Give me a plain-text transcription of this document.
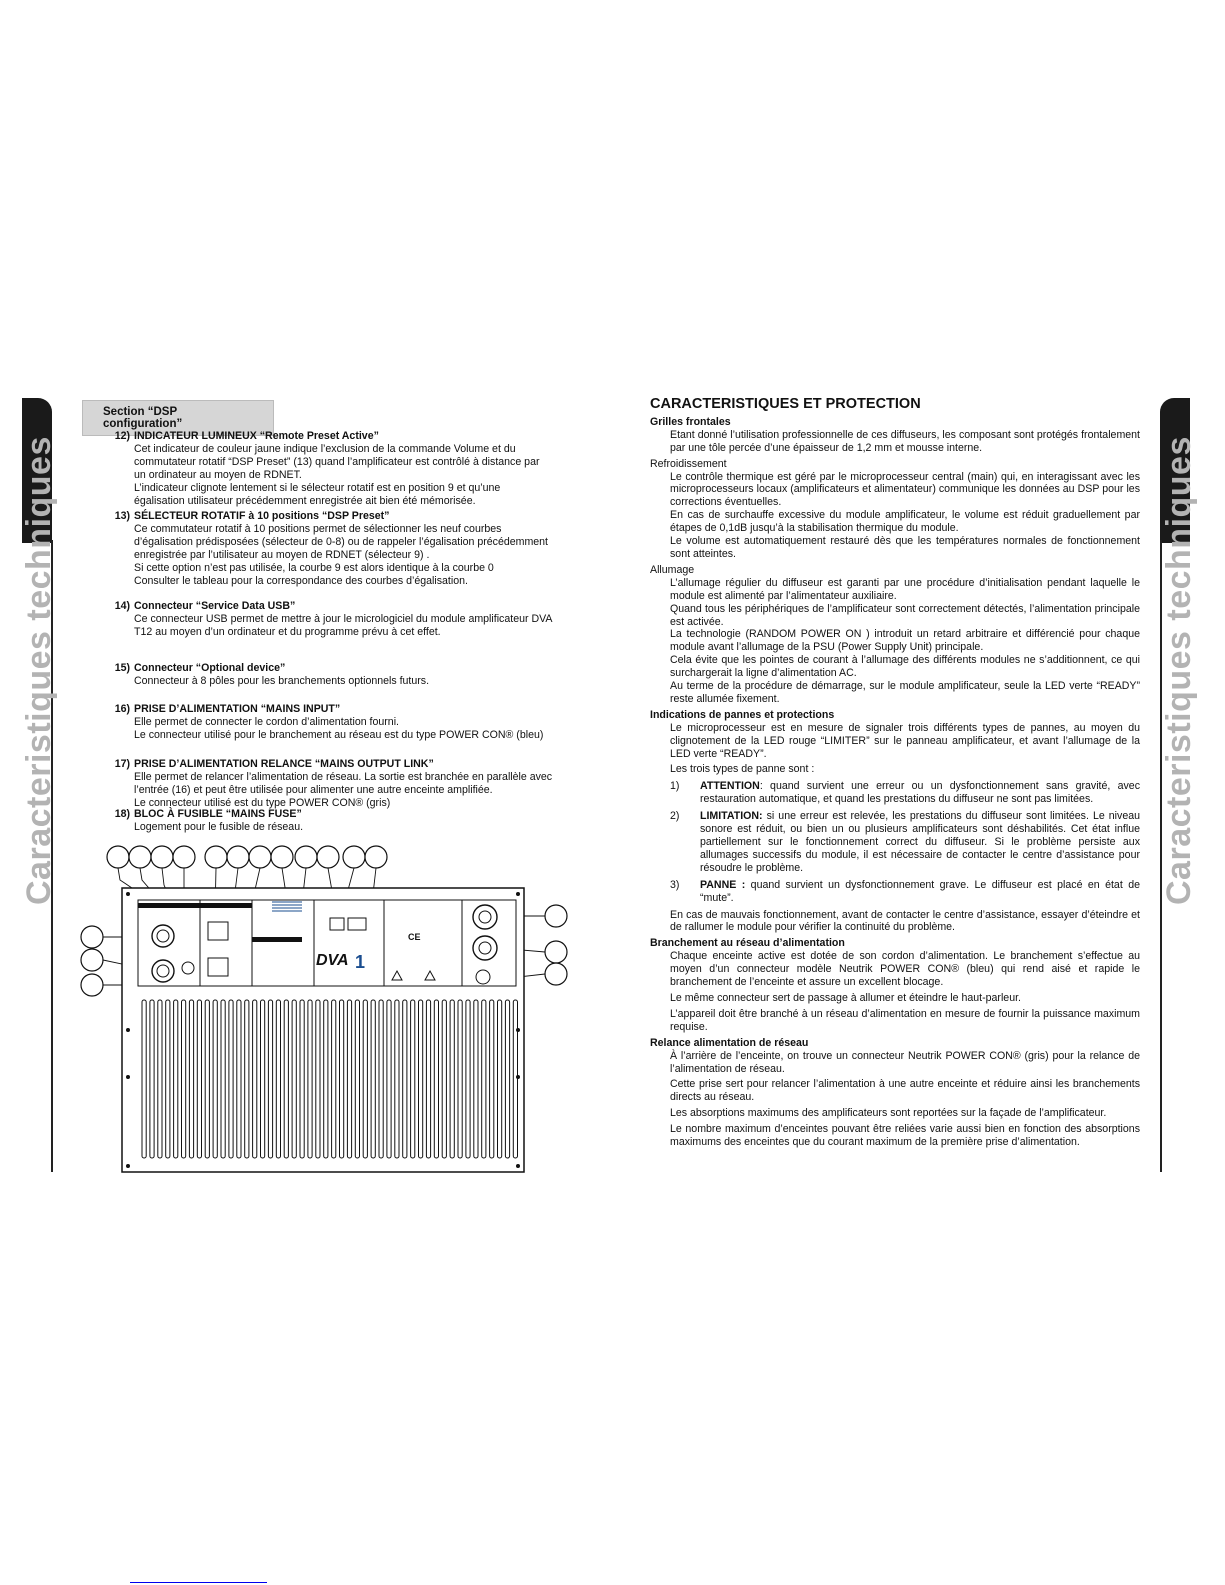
Caracteristiques techniques	Caracteristiques techniques
Section “DSP configuration”
12) INDICATEUR LUMINEUX “Remote Preset Active”
Cet indicateur de couleur jaune indique l’exclusion de la commande Volume et du commutateur rotatif “DSP Preset” (13) quand l’amplificateur est contrôlé à distance par un ordinateur au moyen de RDNET.
L’indicateur clignote lentement si le sélecteur rotatif est en position 9 et qu’une égalisation utilisateur précédemment enregistrée ait bien été mémorisée.
13) SÉLECTEUR ROTATIF à 10 positions “DSP Preset”
Ce commutateur rotatif à 10 positions permet de sélectionner les neuf courbes d’égalisation prédisposées (sélecteur de 0-8) ou de rappeler l’égalisation précédemment enregistrée par l’utilisateur au moyen de RDNET (sélecteur 9) .
Si cette option n’est pas utilisée, la courbe 9 est alors identique à la courbe 0
Consulter le tableau pour la correspondance des courbes d’égalisation.
14) Connecteur “Service Data USB”
Ce connecteur USB permet de mettre à jour le micrologiciel du module amplificateur DVA T12 au moyen d’un ordinateur et du programme prévu à cet effet.
15) Connecteur “Optional device”
Connecteur à 8 pôles pour les branchements optionnels futurs.
16) PRISE D’ALIMENTATION “MAINS INPUT”
Elle permet de connecter le cordon d’alimentation fourni.
Le connecteur utilisé pour le branchement au réseau est du type POWER CON® (bleu)
17) PRISE D’ALIMENTATION RELANCE “MAINS OUTPUT LINK”
Elle permet de relancer l’alimentation de réseau. La sortie est branchée en parallèle avec l’entrée (16) et peut être utilisée pour alimenter une autre enceinte amplifiée.
Le connecteur utilisé est du type POWER CON® (gris)
18) BLOC À FUSIBLE “MAINS FUSE”
Logement pour le fusible de réseau.
DVA 1
CE
CARACTERISTIQUES ET PROTECTION
Grilles frontales
Etant donné l’utilisation professionnelle de ces diffuseurs, les composant sont protégés frontalement par une tôle percée d’une épaisseur de 1,2 mm et mousse interne.
Refroidissement
Le contrôle thermique est géré par le microprocesseur central (main) qui, en interagissant avec les microprocesseurs locaux (amplificateurs et alimentateur) communique les données au DSP pour les corrections éventuelles.
En cas de surchauffe excessive du module amplificateur, le volume est réduit graduellement par étapes de 0,1dB jusqu’à la stabilisation thermique du module.
Le volume est automatiquement restauré dès que les températures normales de fonctionnement sont atteintes.
Allumage
L’allumage régulier du diffuseur est garanti par une procédure d’initialisation pendant laquelle le module est alimenté par l’alimentateur auxiliaire.
Quand tous les périphériques de l’amplificateur sont correctement détectés, l’alimentation principale est activée.
La technologie (RANDOM POWER ON ) introduit un retard arbitraire et différencié pour chaque module avant l’allumage de la PSU (Power Supply Unit) principale.
Cela évite que les pointes de courant à l’allumage des différents modules ne s’additionnent, ce qui surchargerait la ligne d’alimentation AC.
Au terme de la procédure de démarrage, sur le module amplificateur, seule la LED verte “READY” reste allumée fixement.
Indications de pannes et protections
Le microprocesseur est en mesure de signaler trois différents types de pannes, au moyen du clignotement de la LED rouge “LIMITER” sur le panneau amplificateur, et avant l’allumage de la LED verte “READY”.
Les trois types de panne sont :
1) ATTENTION: quand survient une erreur ou un dysfonctionnement sans gravité, avec restauration automatique, et quand les prestations du diffuseur ne sont pas limitées.
2) LIMITATION: si une erreur est relevée, les prestations du diffuseur sont limitées. Le niveau sonore est réduit, ou bien un ou plusieurs amplificateurs sont déshabilités. Cet état influe partiellement sur le fonctionnement correct du diffuseur. Si le problème persiste aux allumages successifs du module, il est nécessaire de contacter le centre d’assistance pour résoudre le problème.
3) PANNE : quand survient un dysfonctionnement grave. Le diffuseur est placé en état de “mute”.
En cas de mauvais fonctionnement, avant de contacter le centre d’assistance, essayer d’éteindre et de rallumer le module pour vérifier la continuité du problème.
Branchement au réseau d’alimentation
Chaque enceinte active est dotée de son cordon d’alimentation. Le branchement s’effectue au moyen d’un connecteur modèle Neutrik POWER CON® (bleu) qui rend aisé et rapide le branchement de l’enceinte et assure un excellent blocage.
Le même connecteur sert de passage à allumer et éteindre le haut-parleur.
L’appareil doit être branché à un réseau d’alimentation en mesure de fournir la puissance maximum requise.
Relance alimentation de réseau
À l’arrière de l’enceinte, on trouve un connecteur Neutrik POWER CON® (gris) pour la relance de l’alimentation de réseau.
Cette prise sert pour relancer l’alimentation à une autre enceinte et réduire ainsi les branchements directs au réseau.
Les absorptions maximums des amplificateurs sont reportées sur la façade de l’amplificateur.
Le nombre maximum d’enceintes pouvant être reliées varie aussi bien en fonction des absorptions maximums des enceintes que du courant maximum de la première prise d’alimentation.
